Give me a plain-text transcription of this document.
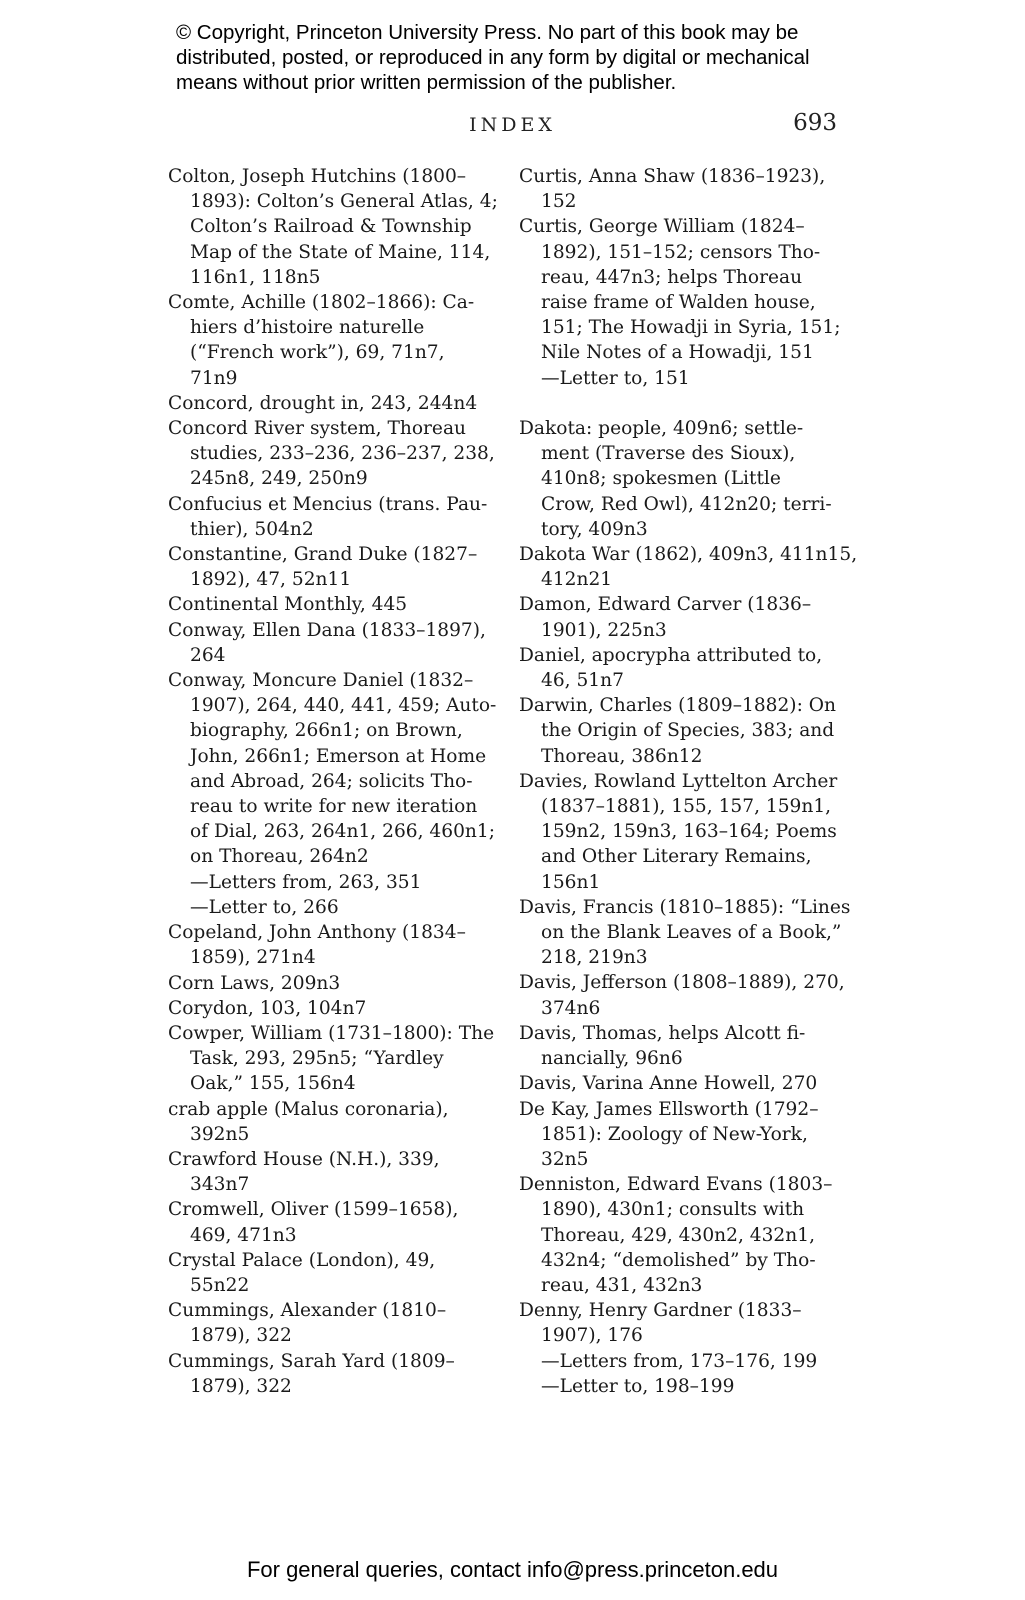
© Copyright, Princeton University Press. No part of this book may be
distributed, posted, or reproduced in any form by digital or mechanical
means without prior written permission of the publisher.
INDEX	693
Colton, Joseph Hutchins (1800–
1893): Colton’s General Atlas, 4;
Colton’s Railroad & Township
Map of the State of Maine, 114,
116n1, 118n5
Comte, Achille (1802–1866): Ca-
hiers d’histoire naturelle
(“French work”), 69, 71n7,
71n9
Concord, drought in, 243, 244n4
Concord River system, Thoreau
studies, 233–236, 236–237, 238,
245n8, 249, 250n9
Confucius et Mencius (trans. Pau-
thier), 504n2
Constantine, Grand Duke (1827–
1892), 47, 52n11
Continental Monthly, 445
Conway, Ellen Dana (1833–1897),
264
Conway, Moncure Daniel (1832–
1907), 264, 440, 441, 459; Auto-
biography, 266n1; on Brown,
John, 266n1; Emerson at Home
and Abroad, 264; solicits Tho-
reau to write for new iteration
of Dial, 263, 264n1, 266, 460n1;
on Thoreau, 264n2
—Letters from, 263, 351
—Letter to, 266
Copeland, John Anthony (1834–
1859), 271n4
Corn Laws, 209n3
Corydon, 103, 104n7
Cowper, William (1731–1800): The
Task, 293, 295n5; “Yardley
Oak,” 155, 156n4
crab apple (Malus coronaria),
392n5
Crawford House (N.H.), 339,
343n7
Cromwell, Oliver (1599–1658),
469, 471n3
Crystal Palace (London), 49,
55n22
Cummings, Alexander (1810–
1879), 322
Cummings, Sarah Yard (1809–
1879), 322
Curtis, Anna Shaw (1836–1923),
152
Curtis, George William (1824–
1892), 151–152; censors Tho-
reau, 447n3; helps Thoreau
raise frame of Walden house,
151; The Howadji in Syria, 151;
Nile Notes of a Howadji, 151
—Letter to, 151
Dakota: people, 409n6; settle-
ment (Traverse des Sioux),
410n8; spokesmen (Little
Crow, Red Owl), 412n20; terri-
tory, 409n3
Dakota War (1862), 409n3, 411n15,
412n21
Damon, Edward Carver (1836–
1901), 225n3
Daniel, apocrypha attributed to,
46, 51n7
Darwin, Charles (1809–1882): On
the Origin of Species, 383; and
Thoreau, 386n12
Davies, Rowland Lyttelton Archer
(1837–1881), 155, 157, 159n1,
159n2, 159n3, 163–164; Poems
and Other Literary Remains,
156n1
Davis, Francis (1810–1885): “Lines
on the Blank Leaves of a Book,”
218, 219n3
Davis, Jefferson (1808–1889), 270,
374n6
Davis, Thomas, helps Alcott fi-
nancially, 96n6
Davis, Varina Anne Howell, 270
De Kay, James Ellsworth (1792–
1851): Zoology of New-York,
32n5
Denniston, Edward Evans (1803–
1890), 430n1; consults with
Thoreau, 429, 430n2, 432n1,
432n4; “demolished” by Tho-
reau, 431, 432n3
Denny, Henry Gardner (1833–
1907), 176
—Letters from, 173–176, 199
—Letter to, 198–199
For general queries, contact info@press.princeton.edu
